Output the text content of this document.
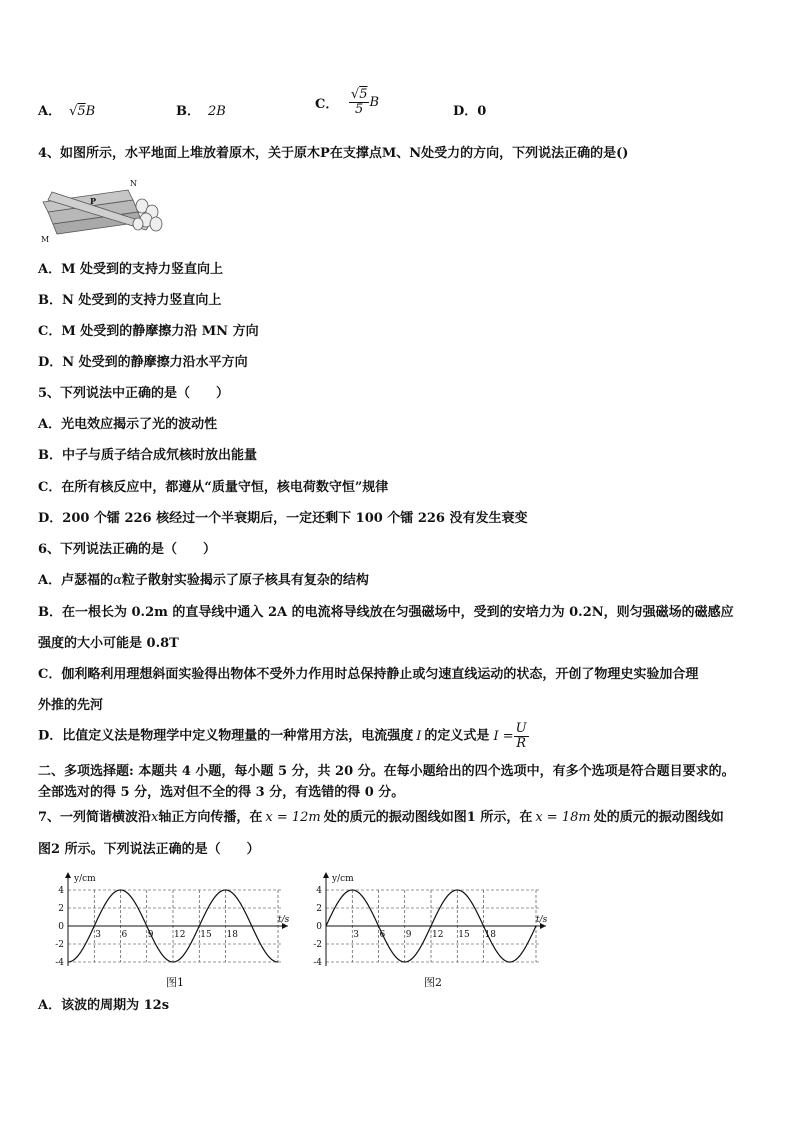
A． √5B	B． 2B	C． $\frac{√5}{5}$ B
D．0
4、如图所示，水平地面上堆放着原木，关于原木P在支撑点M、N处受力的方向，下列说法正确的是()
M
N
P
A．M 处受到的支持力竖直向上
B．N 处受到的支持力竖直向上
C．M 处受到的静摩擦力沿 MN 方向
D．N 处受到的静摩擦力沿水平方向
5、下列说法中正确的是（　　）
A．光电效应揭示了光的波动性
B．中子与质子结合成氘核时放出能量
C．在所有核反应中，都遵从“质量守恒，核电荷数守恒”规律
D．200 个镭 226 核经过一个半衰期后，一定还剩下 100 个镭 226 没有发生衰变
6、下列说法正确的是（　　）
A．卢瑟福的α粒子散射实验揭示了原子核具有复杂的结构
B．在一根长为 0.2m 的直导线中通入 2A 的电流将导线放在匀强磁场中，受到的安培力为 0.2N，则匀强磁场的磁感应
强度的大小可能是 0.8T
C．伽利略利用理想斜面实验得出物体不受外力作用时总保持静止或匀速直线运动的状态，开创了物理史实验加合理
外推的先河
D．比值定义法是物理学中定义物理量的一种常用方法，电流强度 I 的定义式是 $I = \frac{U}{R}$
二、多项选择题: 本题共 4 小题，每小题 5 分，共 20 分。在每小题给出的四个选项中，有多个选项是符合题目要求的。
全部选对的得 5 分，选对但不全的得 3 分，有选错的得 0 分。
7、一列简谐横波沿x轴正方向传播，在 x = 12m 处的质元的振动图线如图1 所示，在 x = 18m 处的质元的振动图线如
图2 所示。下列说法正确的是（　　）
y/cm
t/s
4
2
0
-2
-4
3 6 9 12 15 18
y/cm
t/s
4
2
0
-2
-4
3 6 9 12 15 18
A．该波的周期为 12s
图1	图2
